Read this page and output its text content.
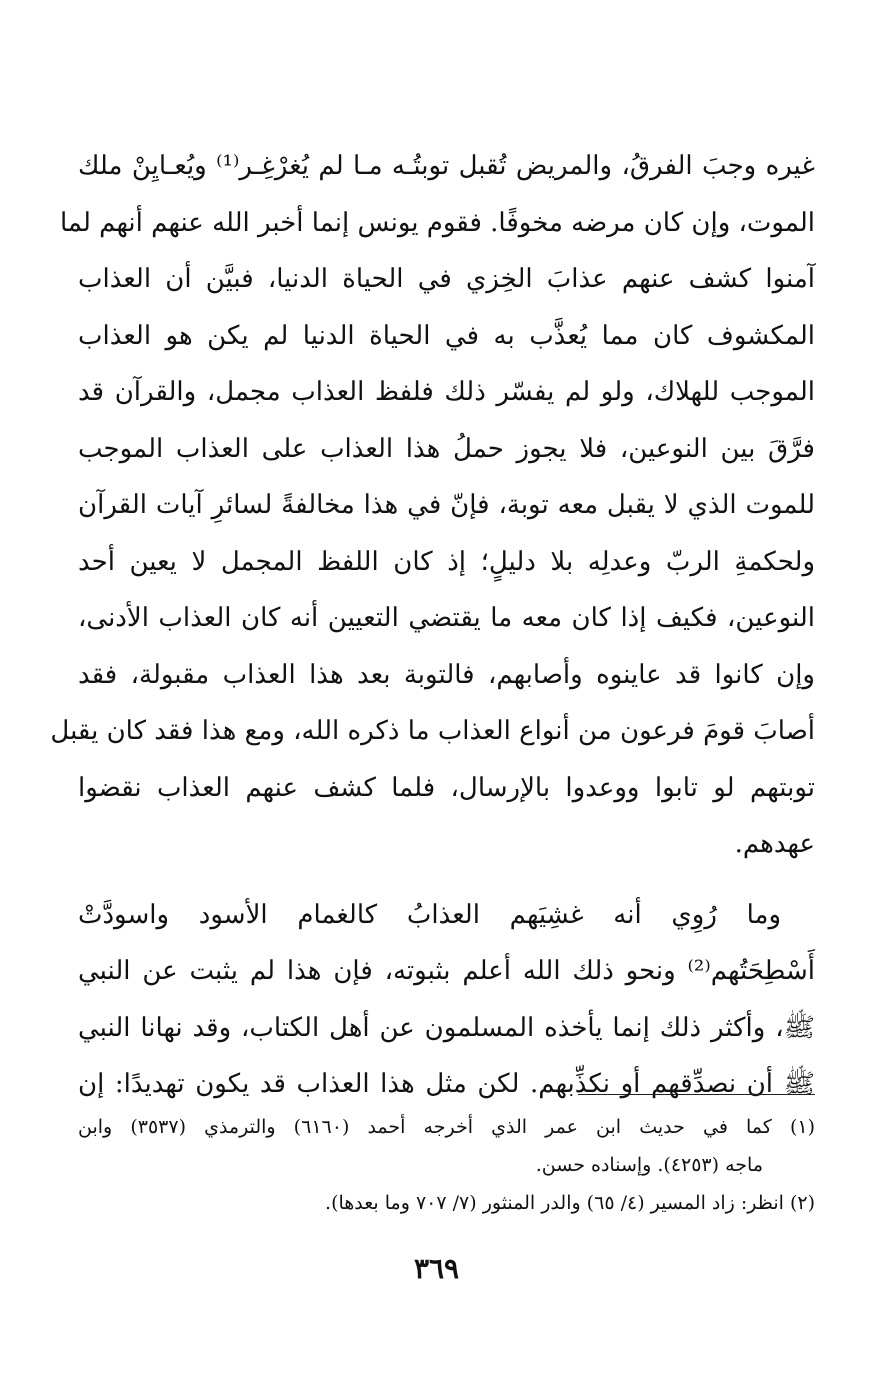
غيره وجبَ الفرقُ، والمريض تُقبل توبتُـه مـا لم يُغرْغِـر⁽¹⁾ ويُعـايِنْ ملك
الموت، وإن كان مرضه مخوفًا. فقوم يونس إنما أخبر الله عنهم أنهم لما
آمنوا كشف عنهم عذابَ الخِزي في الحياة الدنيا، فبيَّن أن العذاب
المكشوف كان مما يُعذَّب به في الحياة الدنيا لم يكن هو العذاب
الموجب للهلاك، ولو لم يفسّر ذلك فلفظ العذاب مجمل، والقرآن قد
فرَّقَ بين النوعين، فلا يجوز حملُ هذا العذاب على العذاب الموجب
للموت الذي لا يقبل معه توبة، فإنّ في هذا مخالفةً لسائرِ آيات القرآن
ولحكمةِ الربّ وعدلِه بلا دليلٍ؛ إذ كان اللفظ المجمل لا يعين أحد
النوعين، فكيف إذا كان معه ما يقتضي التعيين أنه كان العذاب الأدنى،
وإن كانوا قد عاينوه وأصابهم، فالتوبة بعد هذا العذاب مقبولة، فقد
أصابَ قومَ فرعون من أنواع العذاب ما ذكره الله، ومع هذا فقد كان يقبل
توبتهم لو تابوا ووعدوا بالإرسال، فلما كشف عنهم العذاب نقضوا
عهدهم.
وما رُوِي أنه غشِيَهم العذابُ كالغمام الأسود واسودَّتْ
أَسْطِحَتُهم⁽²⁾ ونحو ذلك الله أعلم بثبوته، فإن هذا لم يثبت عن النبي
ﷺ، وأكثر ذلك إنما يأخذه المسلمون عن أهل الكتاب، وقد نهانا النبي
ﷺ أن نصدِّقهم أو نكذِّبهم. لكن مثل هذا العذاب قد يكون تهديدًا: إن
(١) كما في حديث ابن عمر الذي أخرجه أحمد (٦١٦٠) والترمذي (٣٥٣٧) وابن
ماجه (٤٢٥٣). وإسناده حسن.
(٢) انظر: زاد المسير (٤/ ٦٥) والدر المنثور (٧/ ٧٠٧ وما بعدها).
٣٦٩
